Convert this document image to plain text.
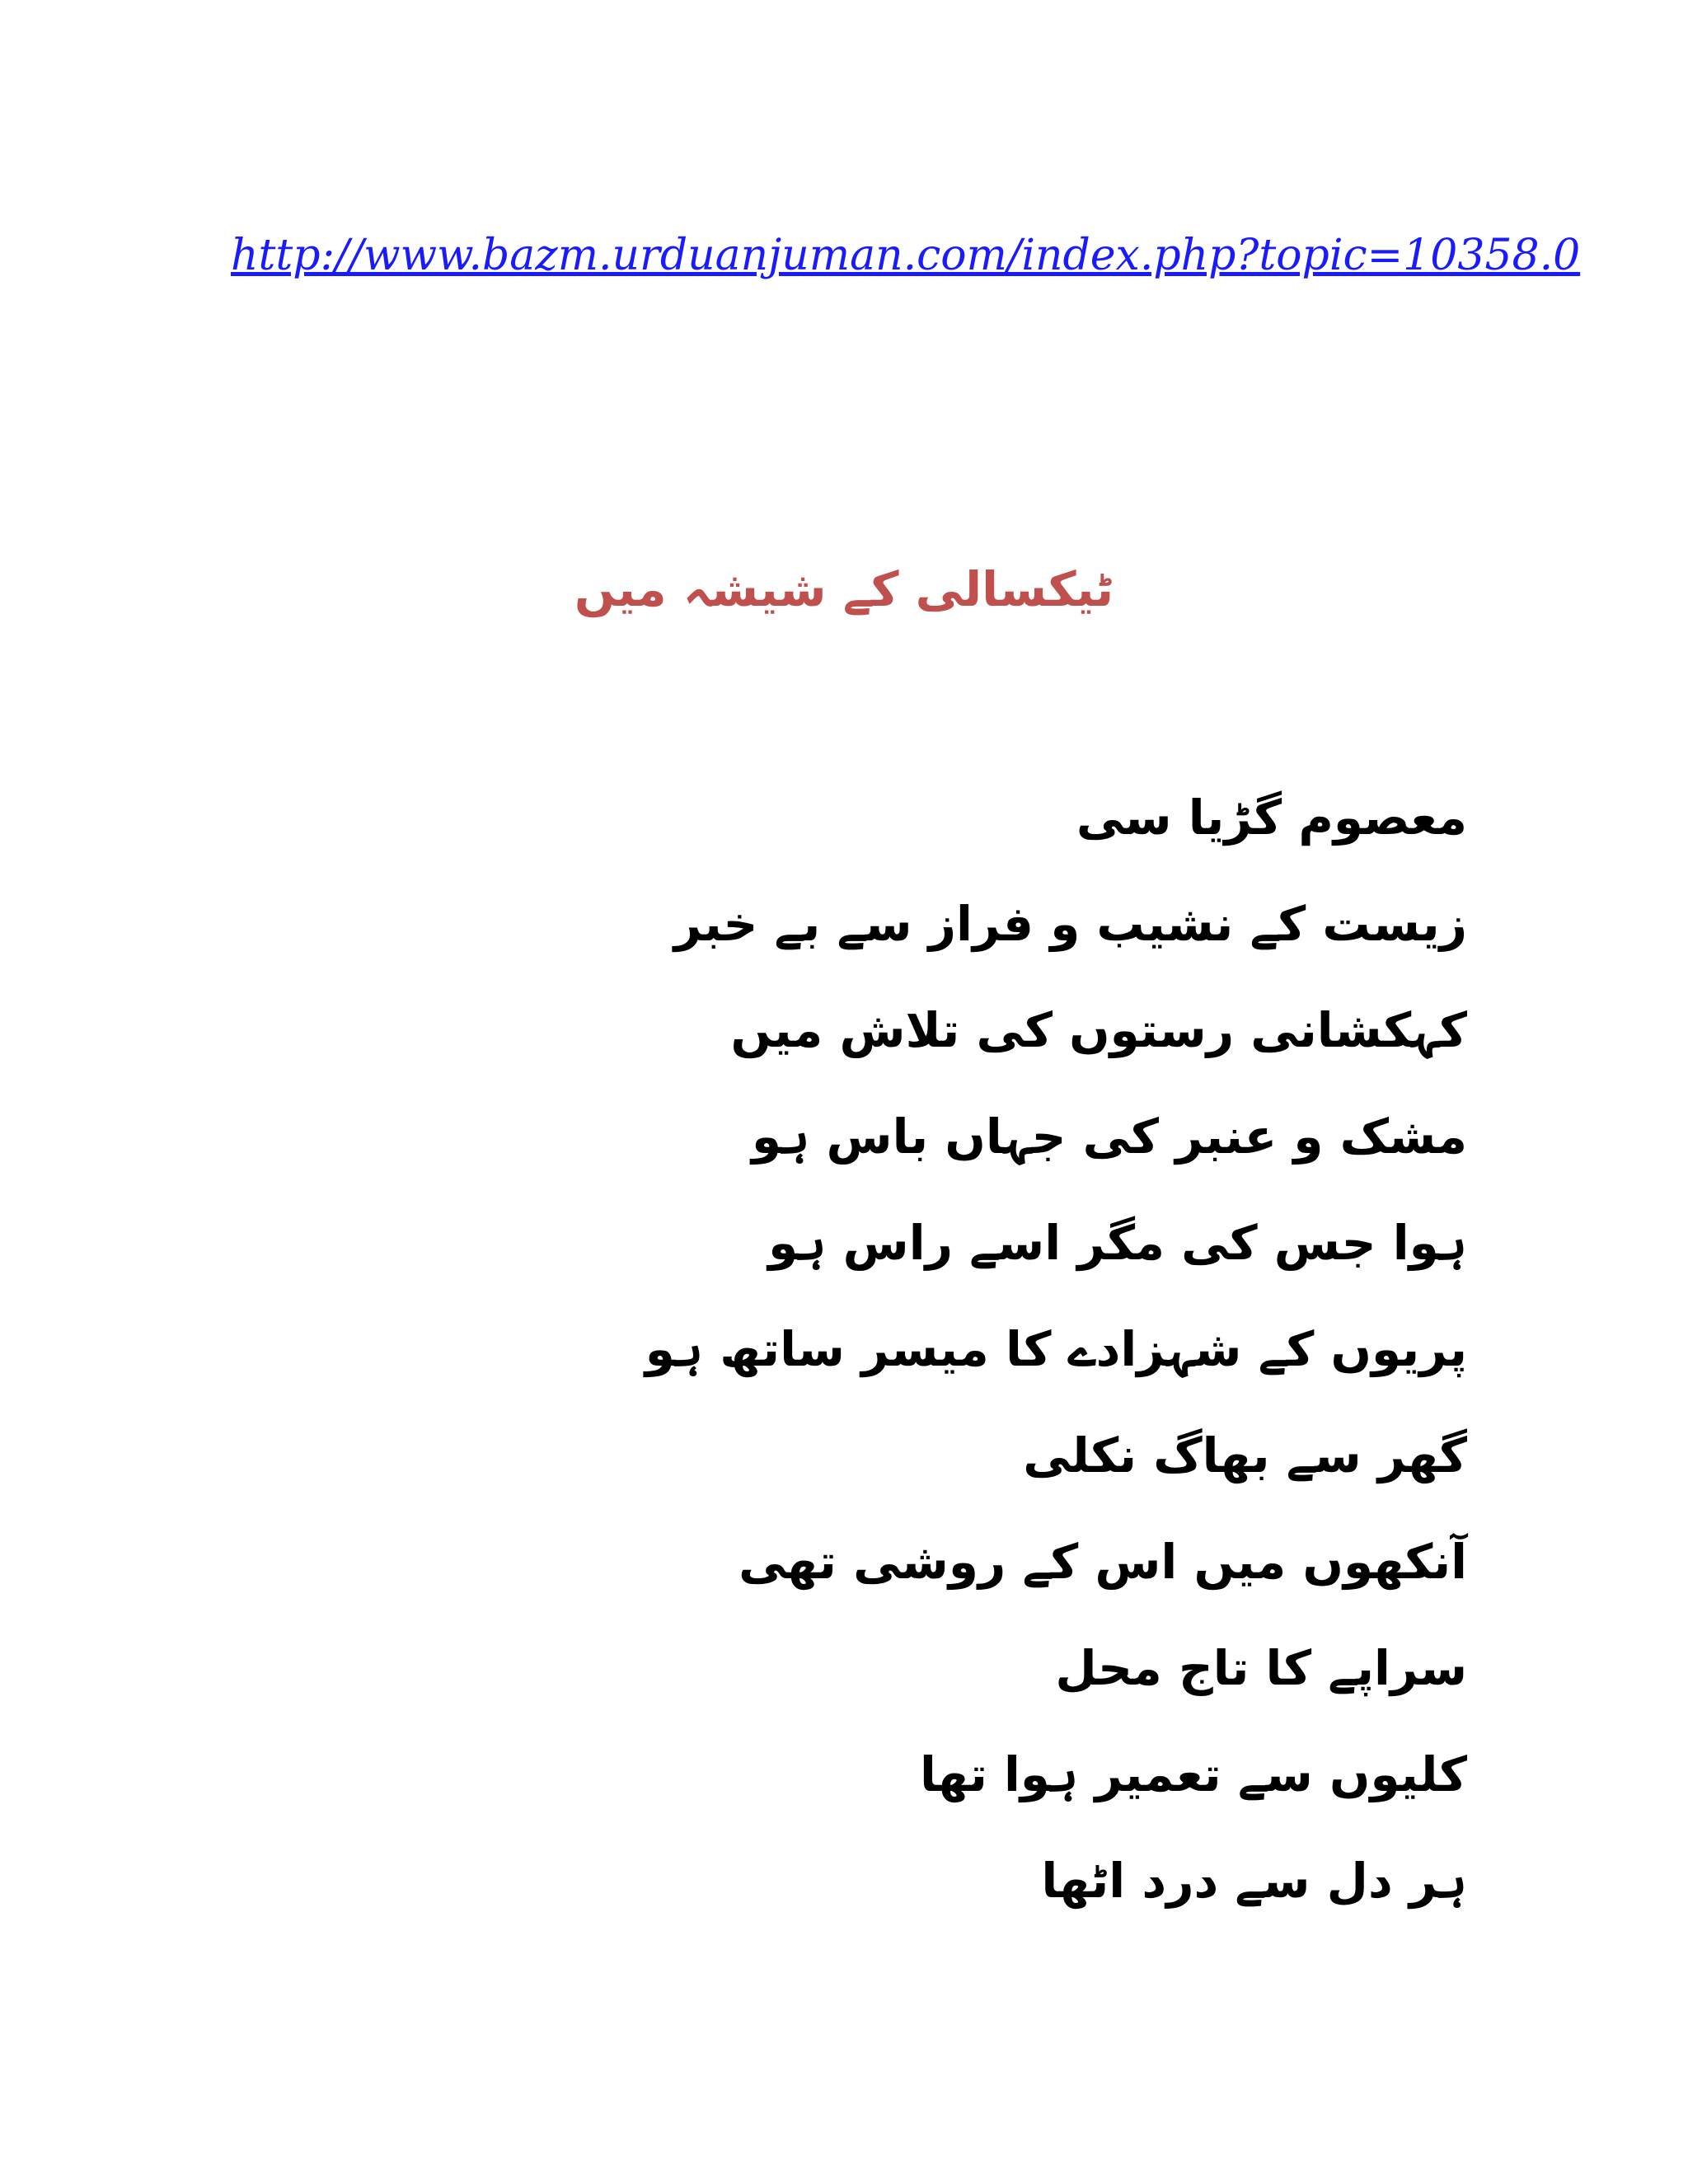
http://www.bazm.urduanjuman.com/index.php?topic=10358.0
ٹیکسالی کے شیشہ میں
معصوم گڑیا سی
زیست کے نشیب و فراز سے بے خبر
کہکشانی رستوں کی تلاش میں
مشک و عنبر کی جہاں باس ہو
ہوا جس کی مگر اسے راس ہو
پریوں کے شہزادے کا میسر ساتھ ہو
گھر سے بھاگ نکلی
آنکھوں میں اس کے روشی تھی
سراپے کا تاج محل
کلیوں سے تعمیر ہوا تھا
ہر دل سے درد اٹھا
